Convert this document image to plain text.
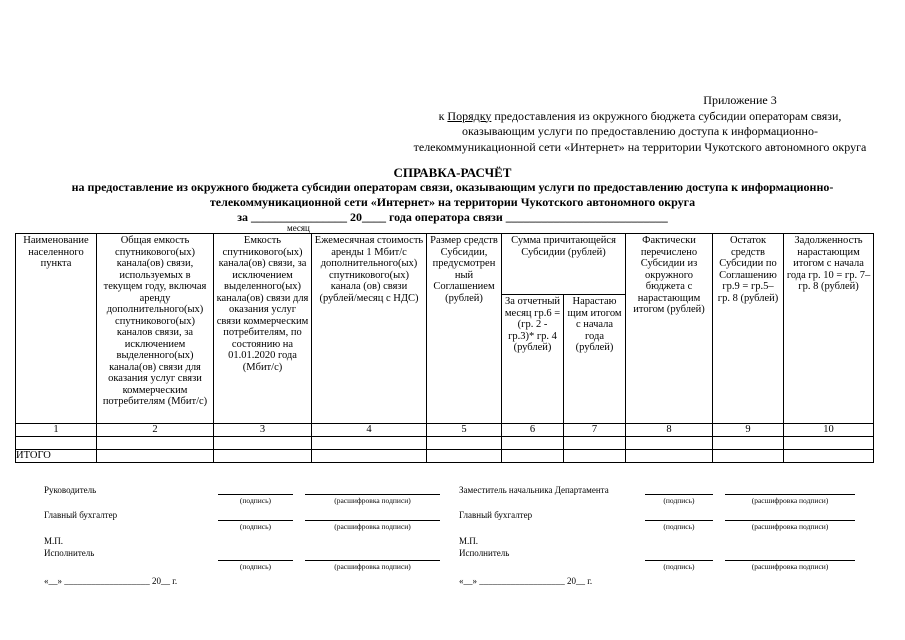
Приложение 3
к Порядку предоставления из окружного бюджета субсидии операторам связи,
оказывающим услуги по предоставлению доступа к информационно-
телекоммуникационной сети «Интернет» на территории Чукотского автономного округа
СПРАВКА-РАСЧЁТ
на предоставление из окружного бюджета субсидии операторам связи, оказывающим услуги по предоставлению доступа к информационно-
телекоммуникационной сети «Интернет» на территории Чукотского автономного округа
за ________________ 20____ года оператора связи ___________________________
месяц
Наименование населенного пункта	Общая емкость спутникового(ых) канала(ов) связи, используемых в текущем году, включая аренду дополнительного(ых) спутникового(ых) каналов связи, за исключением выделенного(ых) канала(ов) связи для оказания услуг связи коммерческим потребителям (Мбит/с)	Емкость спутникового(ых) канала(ов) связи, за исключением выделенного(ых) канала(ов) связи для оказания услуг связи коммерческим потребителям, по состоянию на 01.01.2020 года (Мбит/с)	Ежемесячная стоимость аренды 1 Мбит/с дополнительного(ых) спутникового(ых) канала (ов) связи (рублей/месяц с НДС)	Размер средств Субсидии, предусмотрен ный Соглашением (рублей)	Сумма причитающейся Субсидии (рублей)		Фактически перечислено Субсидии из окружного бюджета с нарастающим итогом (рублей)	Остаток средств Субсидии по Соглашению гр.9 = гр.5– гр. 8 (рублей)	Задолженность нарастающим итогом с начала года гр. 10 = гр. 7–гр. 8 (рублей)
					За отчетный месяц гр.6 = (гр. 2 - гр.3)* гр. 4 (рублей)	Нарастаю щим итогом с начала года (рублей)			
1	2	3	4	5	6	7	8	9	10

ИТОГО									
Руководитель
(подпись)	(расшифровка подписи)
Главный бухгалтер
(подпись)	(расшифровка подписи)
М.П.
Исполнитель
(подпись)	(расшифровка подписи)
«__» ___________________ 20__ г.
Заместитель начальника Департамента
(подпись)	(расшифровка подписи)
Главный бухгалтер
(подпись)	(расшифровка подписи)
М.П.
Исполнитель
(подпись)	(расшифровка подписи)
«__» ___________________ 20__ г.
